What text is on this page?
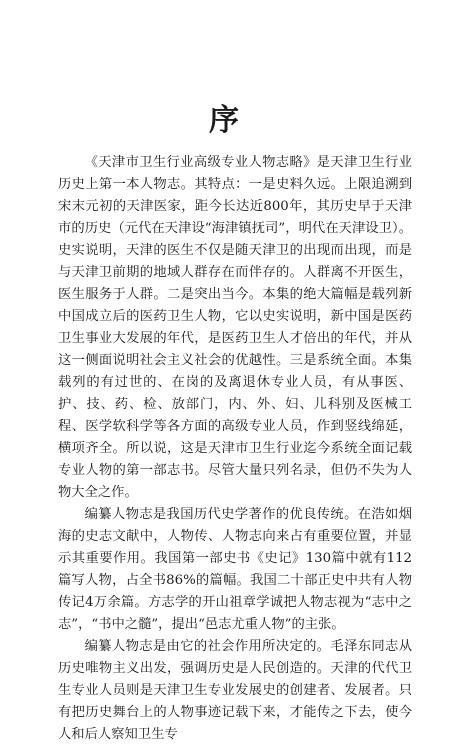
序

《天津市卫生行业高级专业人物志略》是天津卫生行业历史上第一本人物志。其特点：一是史料久远。上限追溯到宋末元初的天津医家，距今长达近800年，其历史早于天津市的历史（元代在天津设“海津镇抚司”，明代在天津设卫）。史实说明，天津的医生不仅是随天津卫的出现而出现，而是与天津卫前期的地域人群存在而伴存的。人群离不开医生，医生服务于人群。二是突出当今。本集的绝大篇幅是载列新中国成立后的医药卫生人物，它以史实说明，新中国是医药卫生事业大发展的年代，是医药卫生人才倍出的年代，并从这一侧面说明社会主义社会的优越性。三是系统全面。本集载列的有过世的、在岗的及离退休专业人员，有从事医、护、技、药、检、放部门，内、外、妇、儿科别及医械工程、医学软科学等各方面的高级专业人员，作到竖线绵延，横项齐全。所以说，这是天津市卫生行业迄今系统全面记载专业人物的第一部志书。尽管大量只列名录，但仍不失为人物大全之作。

编纂人物志是我国历代史学著作的优良传统。在浩如烟海的史志文献中，人物传、人物志向来占有重要位置，并显示其重要作用。我国第一部史书《史记》130篇中就有112篇写人物，占全书86%的篇幅。我国二十部正史中共有人物传记4万余篇。方志学的开山祖章学诚把人物志视为“志中之志”，“书中之髓”，提出“邑志尤重人物”的主张。

编纂人物志是由它的社会作用所决定的。毛泽东同志从历史唯物主义出发，强调历史是人民创造的。天津的代代卫生专业人员则是天津卫生专业发展史的创建者、发展者。只有把历史舞台上的人物事迹记载下来，才能传之下去，使今人和后人察知卫生专
